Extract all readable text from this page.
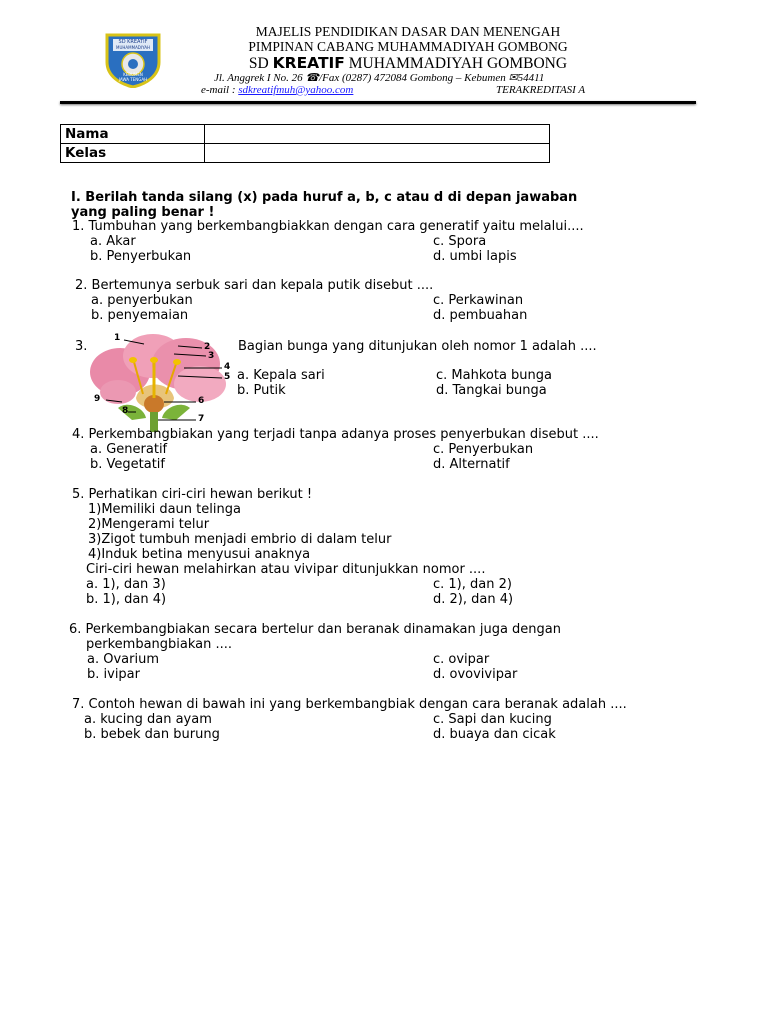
SD KREATIF
MUHAMMADIYAH
KEBUMEN
JAWA TENGAH
MAJELIS PENDIDIKAN DASAR DAN MENENGAH
PIMPINAN CABANG MUHAMMADIYAH GOMBONG
SD KREATIF MUHAMMADIYAH GOMBONG
Jl. Anggrek I No. 26 ☎/Fax (0287) 472084 Gombong – Kebumen ✉54411
e-mail : sdkreatifmuh@yahoo.com	TERAKREDITASI A
Nama	
Kelas	
I. Berilah tanda silang (x) pada huruf a, b, c atau d di depan jawaban
yang paling benar !
1. Tumbuhan yang berkembangbiakkan dengan cara generatif yaitu melalui....
a. Akar	c. Spora
b. Penyerbukan	d. umbi lapis
2. Bertemunya serbuk sari dan kepala putik disebut ....
a. penyerbukan	c. Perkawinan
b. penyemaian	d. pembuahan
3.
1
2
3
4
5
6
7
8
9
Bagian bunga yang ditunjukan oleh nomor 1 adalah ....
a. Kepala sari	c. Mahkota bunga
b. Putik	d. Tangkai bunga
4. Perkembangbiakan yang terjadi tanpa adanya proses penyerbukan disebut ....
a. Generatif	c. Penyerbukan
b. Vegetatif	d. Alternatif
5. Perhatikan ciri-ciri hewan berikut !
1)Memiliki daun telinga
2)Mengerami telur
3)Zigot tumbuh menjadi embrio di dalam telur
4)Induk betina menyusui anaknya
Ciri-ciri hewan melahirkan atau vivipar ditunjukkan nomor ....
a. 1), dan 3)	c. 1), dan 2)
b. 1), dan 4)	d. 2), dan 4)
6. Perkembangbiakan secara bertelur dan beranak dinamakan juga dengan
perkembangbiakan ....
a. Ovarium	c. ovipar
b. ivipar	d. ovovivipar
7. Contoh hewan di bawah ini yang berkembangbiak dengan cara beranak adalah ....
a. kucing dan ayam	c. Sapi dan kucing
b. bebek dan burung	d. buaya dan cicak
